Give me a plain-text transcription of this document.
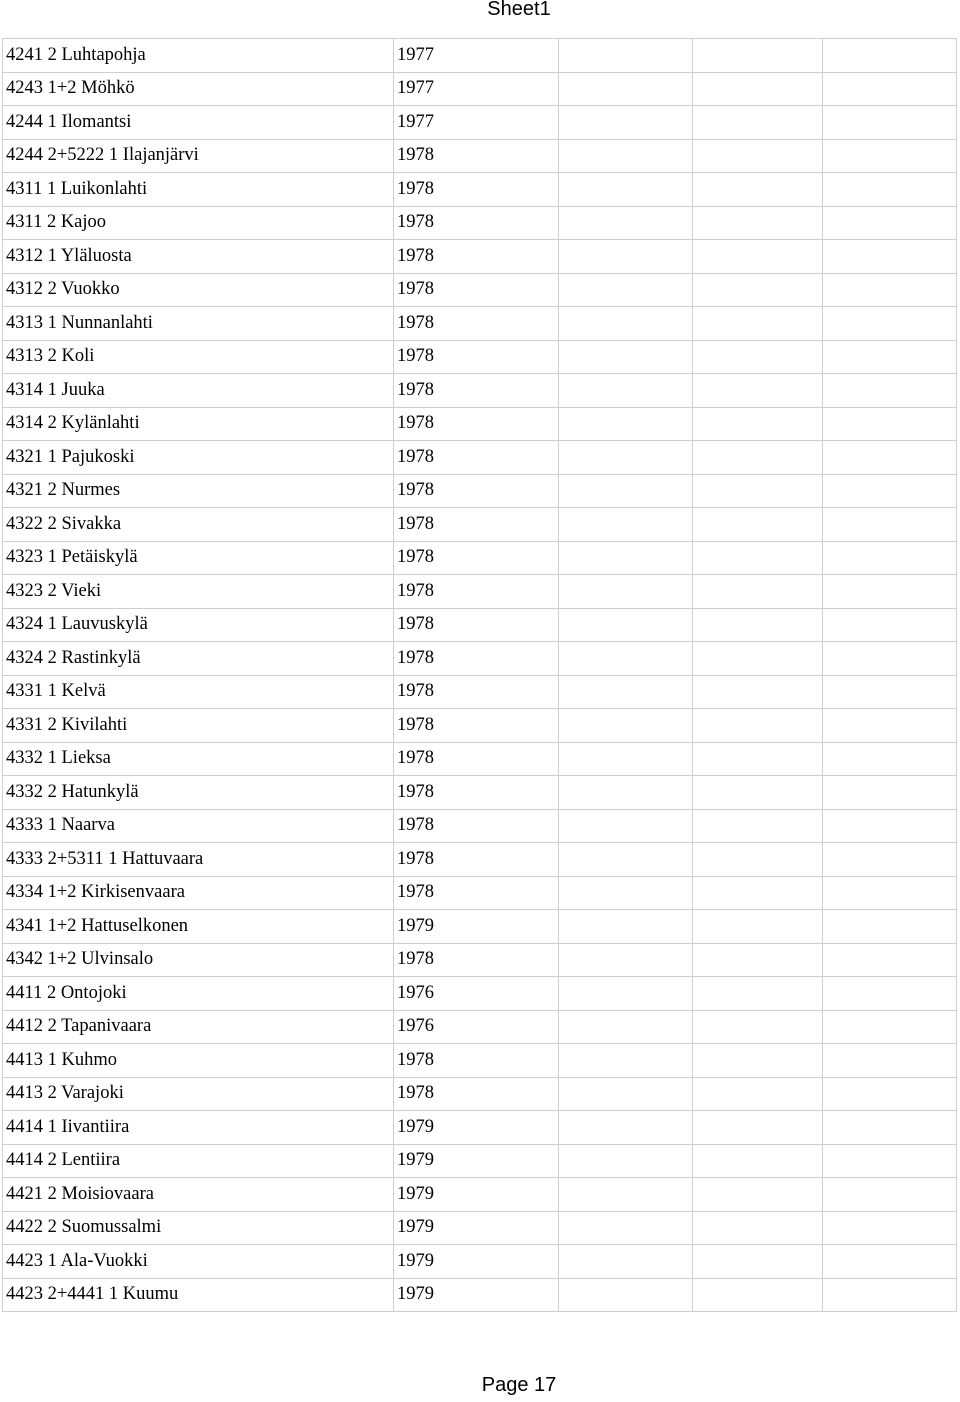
Sheet1
4241 2 Luhtapohja	1977			
4243 1+2 Möhkö	1977			
4244 1 Ilomantsi	1977			
4244 2+5222 1 Ilajanjärvi	1978			
4311 1 Luikonlahti	1978			
4311 2 Kajoo	1978			
4312 1 Yläluosta	1978			
4312 2 Vuokko	1978			
4313 1 Nunnanlahti	1978			
4313 2 Koli	1978			
4314 1 Juuka	1978			
4314 2 Kylänlahti	1978			
4321 1 Pajukoski	1978			
4321 2 Nurmes	1978			
4322 2 Sivakka	1978			
4323 1 Petäiskylä	1978			
4323 2 Vieki	1978			
4324 1 Lauvuskylä	1978			
4324 2 Rastinkylä	1978			
4331 1 Kelvä	1978			
4331 2 Kivilahti	1978			
4332 1 Lieksa	1978			
4332 2 Hatunkylä	1978			
4333 1 Naarva	1978			
4333 2+5311 1 Hattuvaara	1978			
4334 1+2 Kirkisenvaara	1978			
4341 1+2 Hattuselkonen	1979			
4342 1+2 Ulvinsalo	1978			
4411 2 Ontojoki	1976			
4412 2 Tapanivaara	1976			
4413 1 Kuhmo	1978			
4413 2 Varajoki	1978			
4414 1 Iivantiira	1979			
4414 2 Lentiira	1979			
4421 2 Moisiovaara	1979			
4422 2 Suomussalmi	1979			
4423 1 Ala-Vuokki	1979			
4423 2+4441 1 Kuumu	1979			
Page 17
